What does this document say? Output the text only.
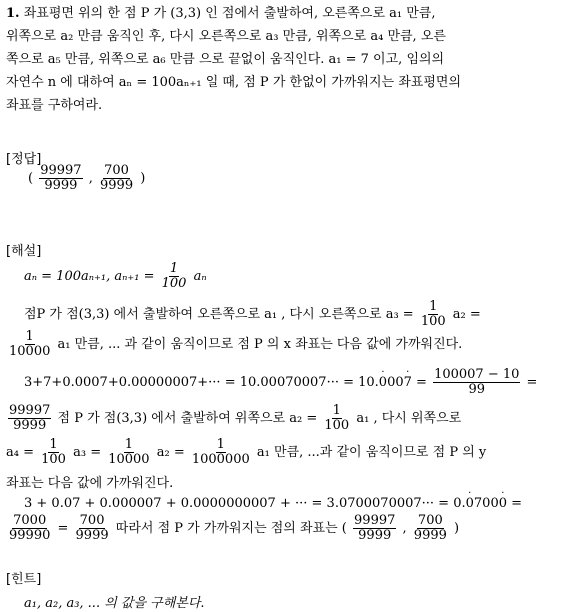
1. 좌표평면 위의 한 점 P 가 (3,3) 인 점에서 출발하여, 오른쪽으로 a₁ 만큼,
위쪽으로 a₂ 만큼 움직인 후, 다시 오른쪽으로 a₃ 만큼, 위쪽으로 a₄ 만큼, 오른
쪽으로 a₅ 만큼, 위쪽으로 a₆ 만큼 으로 끝없이 움직인다. a₁ = 7 이고, 임의의
자연수 n 에 대하여 aₙ = 100aₙ₊₁ 일 때, 점 P 가 한없이 가까워지는 좌표평면의
좌표를 구하여라.
[정답]
( $\frac{99997}{9999}$ , $\frac{700}{9999}$ )
[해설]
aₙ = 100aₙ₊₁, $a_{n+1} = \frac{1}{100}$ aₙ
점P 가 점(3,3) 에서 출발하여 오른쪽으로 a₁ , 다시 오른쪽으로 $a_3 = \frac{1}{100} a_2$ =
$\frac{1}{10000} a_1$ 만큼, ... 과 같이 움직이므로 점 P 의 x 좌표는 다음 값에 가까워진다.
3+7+0.0007+0.00000007+··· = 10.00070007··· = 10.
·
000
·
$7 = \frac{100007 - 10}{99}$ =
$\frac{99997}{9999}$ 점 P 가 점(3,3) 에서 출발하여 위쪽으로 $a_2 = \frac{1}{100} a_1$ , 다시 위쪽으로
$a_4 = \frac{1}{100} a_3 = \frac{1}{10000} a_2 = \frac{1}{1000000} a_1$ 만큼, ...과 같이 움직이므로 점 P 의 y
좌표는 다음 값에 가까워진다.
3 + 0.07 + 0.000007 + 0.0000000007 + ··· = 3.0700070007··· = 0.
·
0700
·
0 =
$\frac{7000}{99990} = \frac{700}{9999}$ 따라서 점 P 가 가까워지는 점의 좌표는 ( $\frac{99997}{9999}$ , $\frac{700}{9999}$ )
[힌트]
a₁, a₂, a₃, ... 의 값을 구해본다.
